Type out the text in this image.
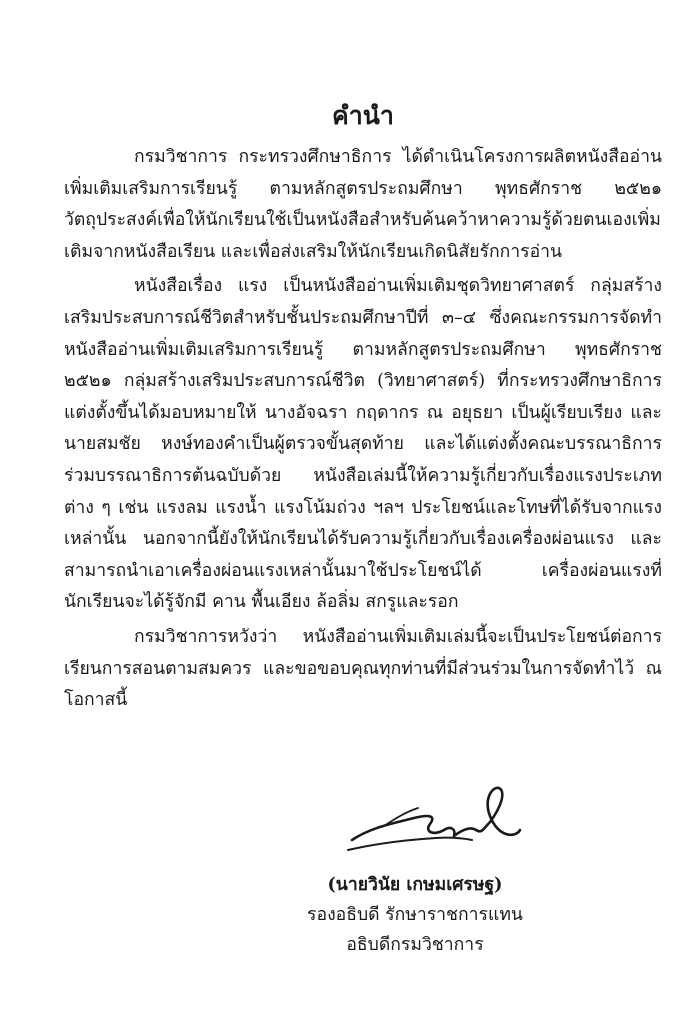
คำนำ

กรมวิชาการ กระทรวงศึกษาธิการ ได้ดำเนินโครงการผลิตหนังสืออ่านเพิ่มเติมเสริมการเรียนรู้ ตามหลักสูตรประถมศึกษา พุทธศักราช ๒๕๒๑ วัตถุประสงค์เพื่อให้นักเรียนใช้เป็นหนังสือสำหรับค้นคว้าหาความรู้ด้วยตนเองเพิ่มเติมจากหนังสือเรียน และเพื่อส่งเสริมให้นักเรียนเกิดนิสัยรักการอ่าน

หนังสือเรื่อง แรง เป็นหนังสืออ่านเพิ่มเติมชุดวิทยาศาสตร์ กลุ่มสร้างเสริมประสบการณ์ชีวิตสำหรับชั้นประถมศึกษาปีที่ ๓–๔ ซึ่งคณะกรรมการจัดทำหนังสืออ่านเพิ่มเติมเสริมการเรียนรู้ ตามหลักสูตรประถมศึกษา พุทธศักราช ๒๕๒๑ กลุ่มสร้างเสริมประสบการณ์ชีวิต (วิทยาศาสตร์) ที่กระทรวงศึกษาธิการแต่งตั้งขึ้นได้มอบหมายให้ นางอัจฉรา กฤดากร ณ อยุธยา เป็นผู้เรียบเรียง และนายสมชัย หงษ์ทองคำเป็นผู้ตรวจขั้นสุดท้าย และได้แต่งตั้งคณะบรรณาธิการร่วมบรรณาธิการต้นฉบับด้วย หนังสือเล่มนี้ให้ความรู้เกี่ยวกับเรื่องแรงประเภทต่าง ๆ เช่น แรงลม แรงน้ำ แรงโน้มถ่วง ฯลฯ ประโยชน์และโทษที่ได้รับจากแรงเหล่านั้น นอกจากนี้ยังให้นักเรียนได้รับความรู้เกี่ยวกับเรื่องเครื่องผ่อนแรง และสามารถนำเอาเครื่องผ่อนแรงเหล่านั้นมาใช้ประโยชน์ได้ เครื่องผ่อนแรงที่นักเรียนจะได้รู้จักมี คาน พื้นเอียง ล้อลิ่ม สกรูและรอก

กรมวิชาการหวังว่า หนังสืออ่านเพิ่มเติมเล่มนี้จะเป็นประโยชน์ต่อการเรียนการสอนตามสมควร และขอขอบคุณทุกท่านที่มีส่วนร่วมในการจัดทำไว้ ณ โอกาสนี้

(นายวินัย เกษมเศรษฐ)
รองอธิบดี รักษาราชการแทน
อธิบดีกรมวิชาการ
